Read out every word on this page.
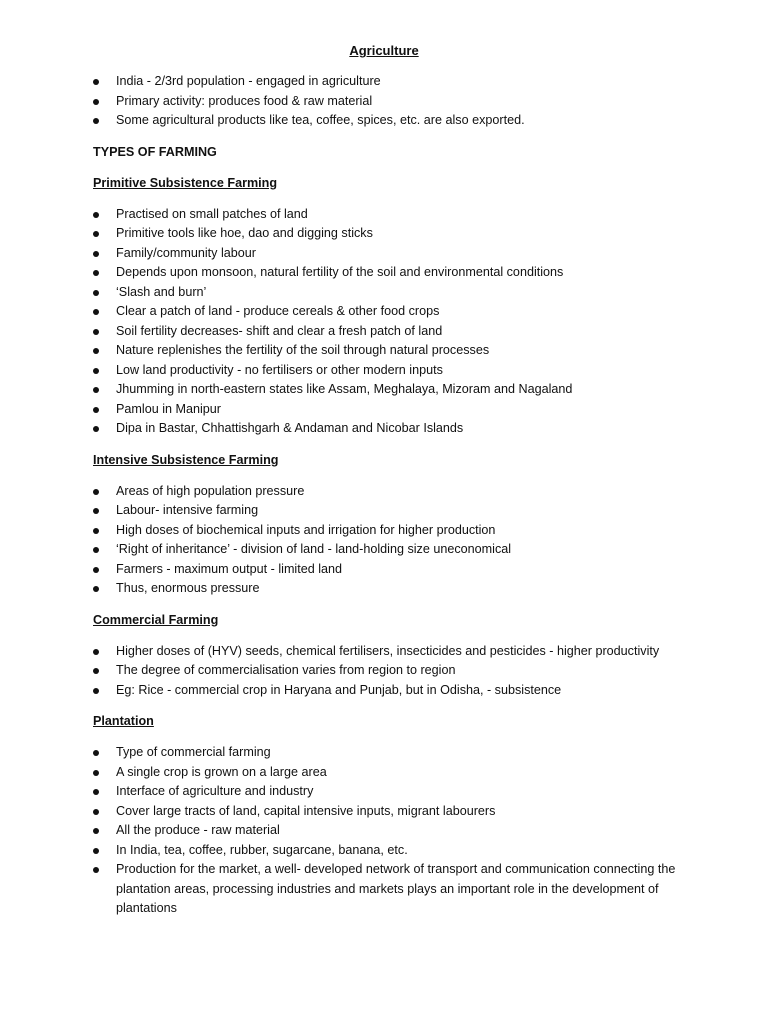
Agriculture
India - 2/3rd population - engaged in agriculture
Primary activity: produces food & raw material
Some agricultural products like tea, coffee, spices, etc. are also exported.
TYPES OF FARMING
Primitive Subsistence Farming
Practised on small patches of land
Primitive tools like hoe, dao and digging sticks
Family/community labour
Depends upon monsoon, natural fertility of the soil and environmental conditions
‘Slash and burn’
Clear a patch of land - produce cereals & other food crops
Soil fertility decreases- shift and clear a fresh patch of land
Nature replenishes the fertility of the soil through natural processes
Low land productivity - no fertilisers or other modern inputs
Jhumming in north-eastern states like Assam, Meghalaya, Mizoram and Nagaland
Pamlou in Manipur
Dipa in Bastar, Chhattishgarh & Andaman and Nicobar Islands
Intensive Subsistence Farming
Areas of high population pressure
Labour- intensive farming
High doses of biochemical inputs and irrigation for higher production
‘Right of inheritance’ - division of land - land-holding size uneconomical
Farmers - maximum output - limited land
Thus, enormous pressure
Commercial Farming
Higher doses of (HYV) seeds, chemical fertilisers, insecticides and pesticides - higher productivity
The degree of commercialisation varies from region to region
Eg: Rice - commercial crop in Haryana and Punjab, but in Odisha, - subsistence
Plantation
Type of commercial farming
A single crop is grown on a large area
Interface of agriculture and industry
Cover large tracts of land, capital intensive inputs, migrant labourers
All the produce - raw material
In India, tea, coffee, rubber, sugarcane, banana, etc.
Production for the market, a well- developed network of transport and communication connecting the plantation areas, processing industries and markets plays an important role in the development of plantations
